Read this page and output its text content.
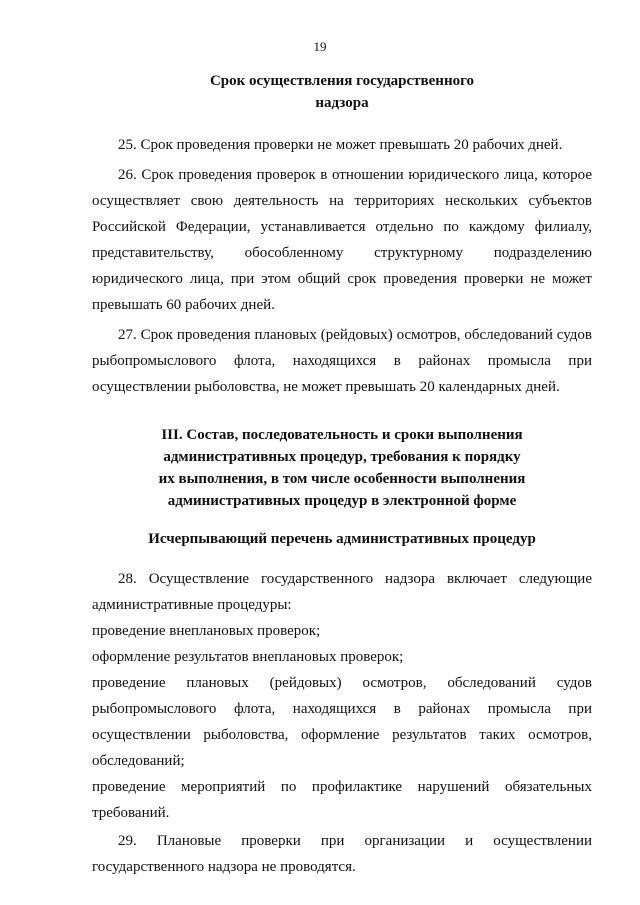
19
Срок осуществления государственного
надзора

25. Срок проведения проверки не может превышать 20 рабочих дней.

26. Срок проведения проверок в отношении юридического лица, которое осуществляет свою деятельность на территориях нескольких субъектов Российской Федерации, устанавливается отдельно по каждому филиалу, представительству, обособленному структурному подразделению юридического лица, при этом общий срок проведения проверки не может превышать 60 рабочих дней.

27. Срок проведения плановых (рейдовых) осмотров, обследований судов рыбопромыслового флота, находящихся в районах промысла при осуществлении рыболовства, не может превышать 20 календарных дней.

III. Состав, последовательность и сроки выполнения
административных процедур, требования к порядку
их выполнения, в том числе особенности выполнения
административных процедур в электронной форме
Исчерпывающий перечень административных процедур

28. Осуществление государственного надзора включает следующие административные процедуры:

проведение внеплановых проверок;

оформление результатов внеплановых проверок;

проведение плановых (рейдовых) осмотров, обследований судов рыбопромыслового флота, находящихся в районах промысла при осуществлении рыболовства, оформление результатов таких осмотров, обследований;

проведение мероприятий по профилактике нарушений обязательных требований.

29. Плановые проверки при организации и осуществлении государственного надзора не проводятся.
